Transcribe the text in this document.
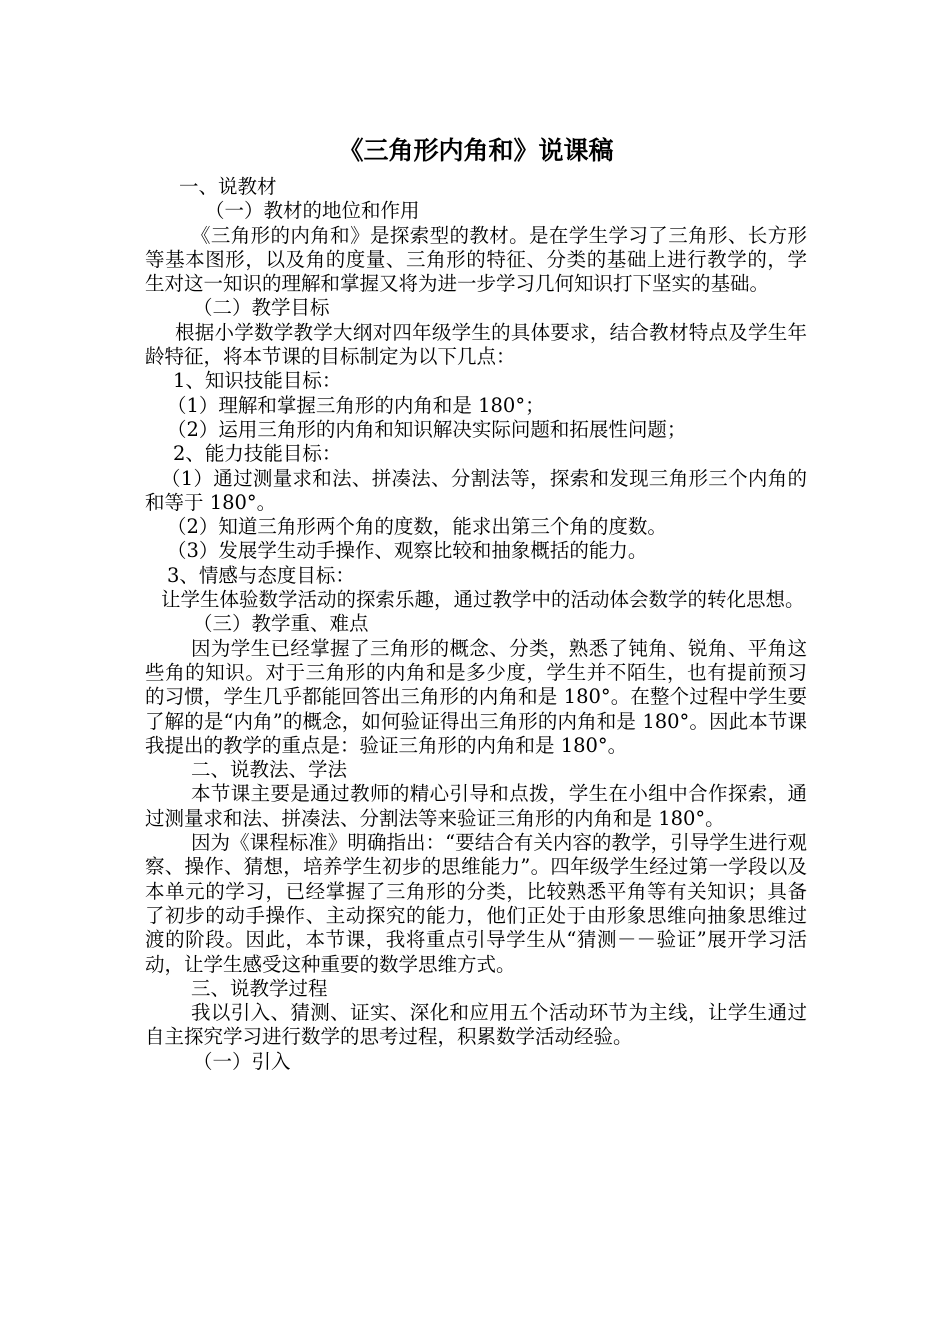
《三角形内角和》说课稿

一、说教材

（一）教材的地位和作用

《三角形的内角和》是探索型的教材。是在学生学习了三角形、长方形等基本图形，以及角的度量、三角形的特征、分类的基础上进行教学的，学生对这一知识的理解和掌握又将为进一步学习几何知识打下坚实的基础。

（二）教学目标

根据小学数学教学大纲对四年级学生的具体要求，结合教材特点及学生年龄特征，将本节课的目标制定为以下几点：

1、知识技能目标：

（1）理解和掌握三角形的内角和是 180°；

（2）运用三角形的内角和知识解决实际问题和拓展性问题；

2、能力技能目标：

（1）通过测量求和法、拼凑法、分割法等，探索和发现三角形三个内角的和等于 180°。

（2）知道三角形两个角的度数，能求出第三个角的度数。

（3）发展学生动手操作、观察比较和抽象概括的能力。

3、情感与态度目标：

让学生体验数学活动的探索乐趣，通过教学中的活动体会数学的转化思想。

（三）教学重、难点

因为学生已经掌握了三角形的概念、分类，熟悉了钝角、锐角、平角这些角的知识。对于三角形的内角和是多少度，学生并不陌生，也有提前预习的习惯，学生几乎都能回答出三角形的内角和是 180°。在整个过程中学生要了解的是“内角”的概念，如何验证得出三角形的内角和是 180°。因此本节课我提出的教学的重点是：验证三角形的内角和是 180°。

二、说教法、学法

本节课主要是通过教师的精心引导和点拨，学生在小组中合作探索，通过测量求和法、拼凑法、分割法等来验证三角形的内角和是 180°。

因为《课程标准》明确指出：“要结合有关内容的教学，引导学生进行观察、操作、猜想，培养学生初步的思维能力”。四年级学生经过第一学段以及本单元的学习，已经掌握了三角形的分类，比较熟悉平角等有关知识；具备了初步的动手操作、主动探究的能力，他们正处于由形象思维向抽象思维过渡的阶段。因此，本节课，我将重点引导学生从“猜测－－验证”展开学习活动，让学生感受这种重要的数学思维方式。

三、说教学过程

我以引入、猜测、证实、深化和应用五个活动环节为主线，让学生通过自主探究学习进行数学的思考过程，积累数学活动经验。

（一）引入
